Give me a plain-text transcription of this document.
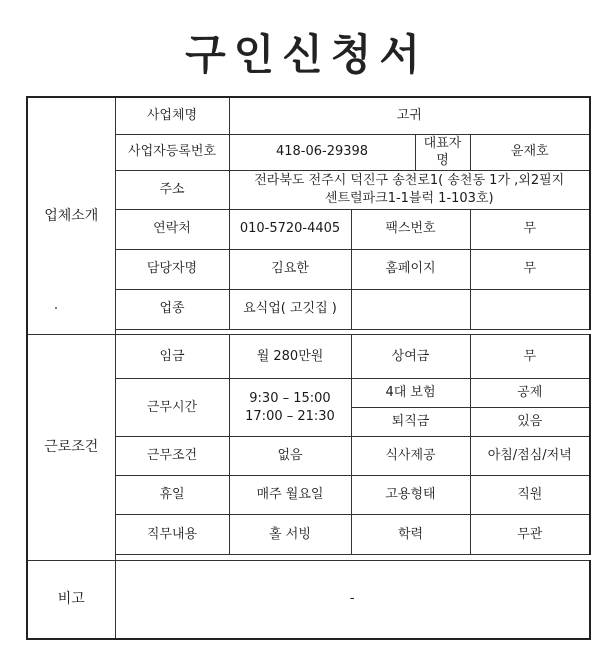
구인신청서
업체소개	사업체명	고귀			
	사업자등록번호	418-06-29398		대표자명	윤재호
	주소	전라북도 전주시 덕진구 송천로1( 송천동 1가 ,외2필지
센트럴파크1-1블럭 1-103호)			

	연락처	010-5720-4405	팩스번호		무
	담당자명	김요한	홈페이지		무
	업종	요식업( 고깃집 )			

근로조건	임금	월 280만원	상여금		무
	근무시간	9:30 – 15:00
17:00 – 21:30	4대 보험		공제
			퇴직금		있음
	근무조건	없음	식사제공		아침/점심/저녁
	휴일	매주 월요일	고용형태		직원
	직무내용	홀 서빙	학력		무관

비고	-				
